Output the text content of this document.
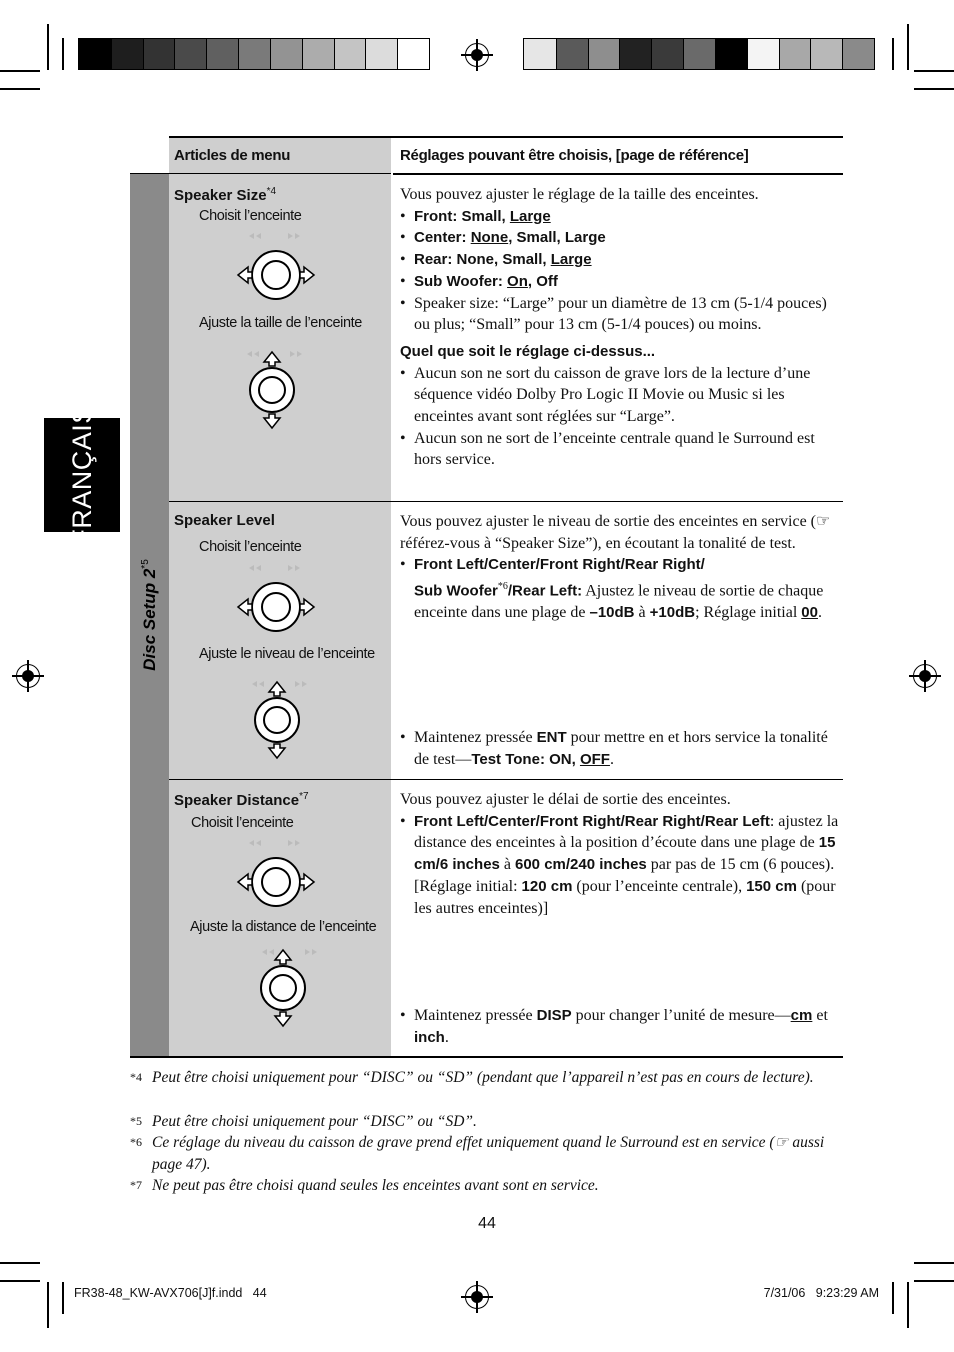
FRANÇAIS
Articles de menu	Réglages pouvant être choisis, [page de référence]
Disc Setup 2$^{*5}$
Speaker Size$^{*4}$
Choisit l’enceinte
Ajuste la taille de l’enceinte

Vous pouvez ajuster le réglage de la taille des enceintes.

• Front: Small, Large
• Center: None, Small, Large
• Rear: None, Small, Large
• Sub Woofer: On, Off
• Speaker size: “Large” pour un diamètre de 13 cm (5-1/4 pouces) ou plus; “Small” pour 13 cm (5-1/4 pouces) ou moins.

Quel que soit le réglage ci-dessus...

• Aucun son ne sort du caisson de grave lors de la lecture d’une séquence vidéo Dolby Pro Logic II Movie ou Music si les enceintes avant sont réglées sur “Large”.
• Aucun son ne sort de l’enceinte centrale quand le Surround est hors service.
Speaker Level
Choisit l’enceinte
Ajuste le niveau de l’enceinte

Vous pouvez ajuster le niveau de sortie des enceintes en service (☞ référez-vous à “Speaker Size”), en écoutant la tonalité de test.

• Front Left/Center/Front Right/Rear Right/
Sub Woofer$^{*6}$/Rear Left: Ajustez le niveau de sortie de chaque enceinte dans une plage de –10dB à +10dB; Réglage initial 00.
• Maintenez pressée ENT pour mettre en et hors service la tonalité de test—Test Tone: ON, OFF.
Speaker Distance$^{*7}$
Choisit l’enceinte
Ajuste la distance de l’enceinte

Vous pouvez ajuster le délai de sortie des enceintes.

• Front Left/Center/Front Right/Rear Right/Rear Left: ajustez la distance des enceintes à la position d’écoute dans une plage de 15 cm/6 inches à 600 cm/240 inches par pas de 15 cm (6 pouces). [Réglage initial: 120 cm (pour l’enceinte centrale), 150 cm (pour les autres enceintes)]
• Maintenez pressée DISP pour changer l’unité de mesure—cm et inch.
*4 Peut être choisi uniquement pour “DISC” ou “SD” (pendant que l’appareil n’est pas en cours de lecture).
*5 Peut être choisi uniquement pour “DISC” ou “SD”.
*6 Ce réglage du niveau du caisson de grave prend effet uniquement quand le Surround est en service (☞ aussi page 47).
*7 Ne peut pas être choisi quand seules les enceintes avant sont en service.
44
FR38-48_KW-AVX706[J]f.indd   44	7/31/06   9:23:29 AM
